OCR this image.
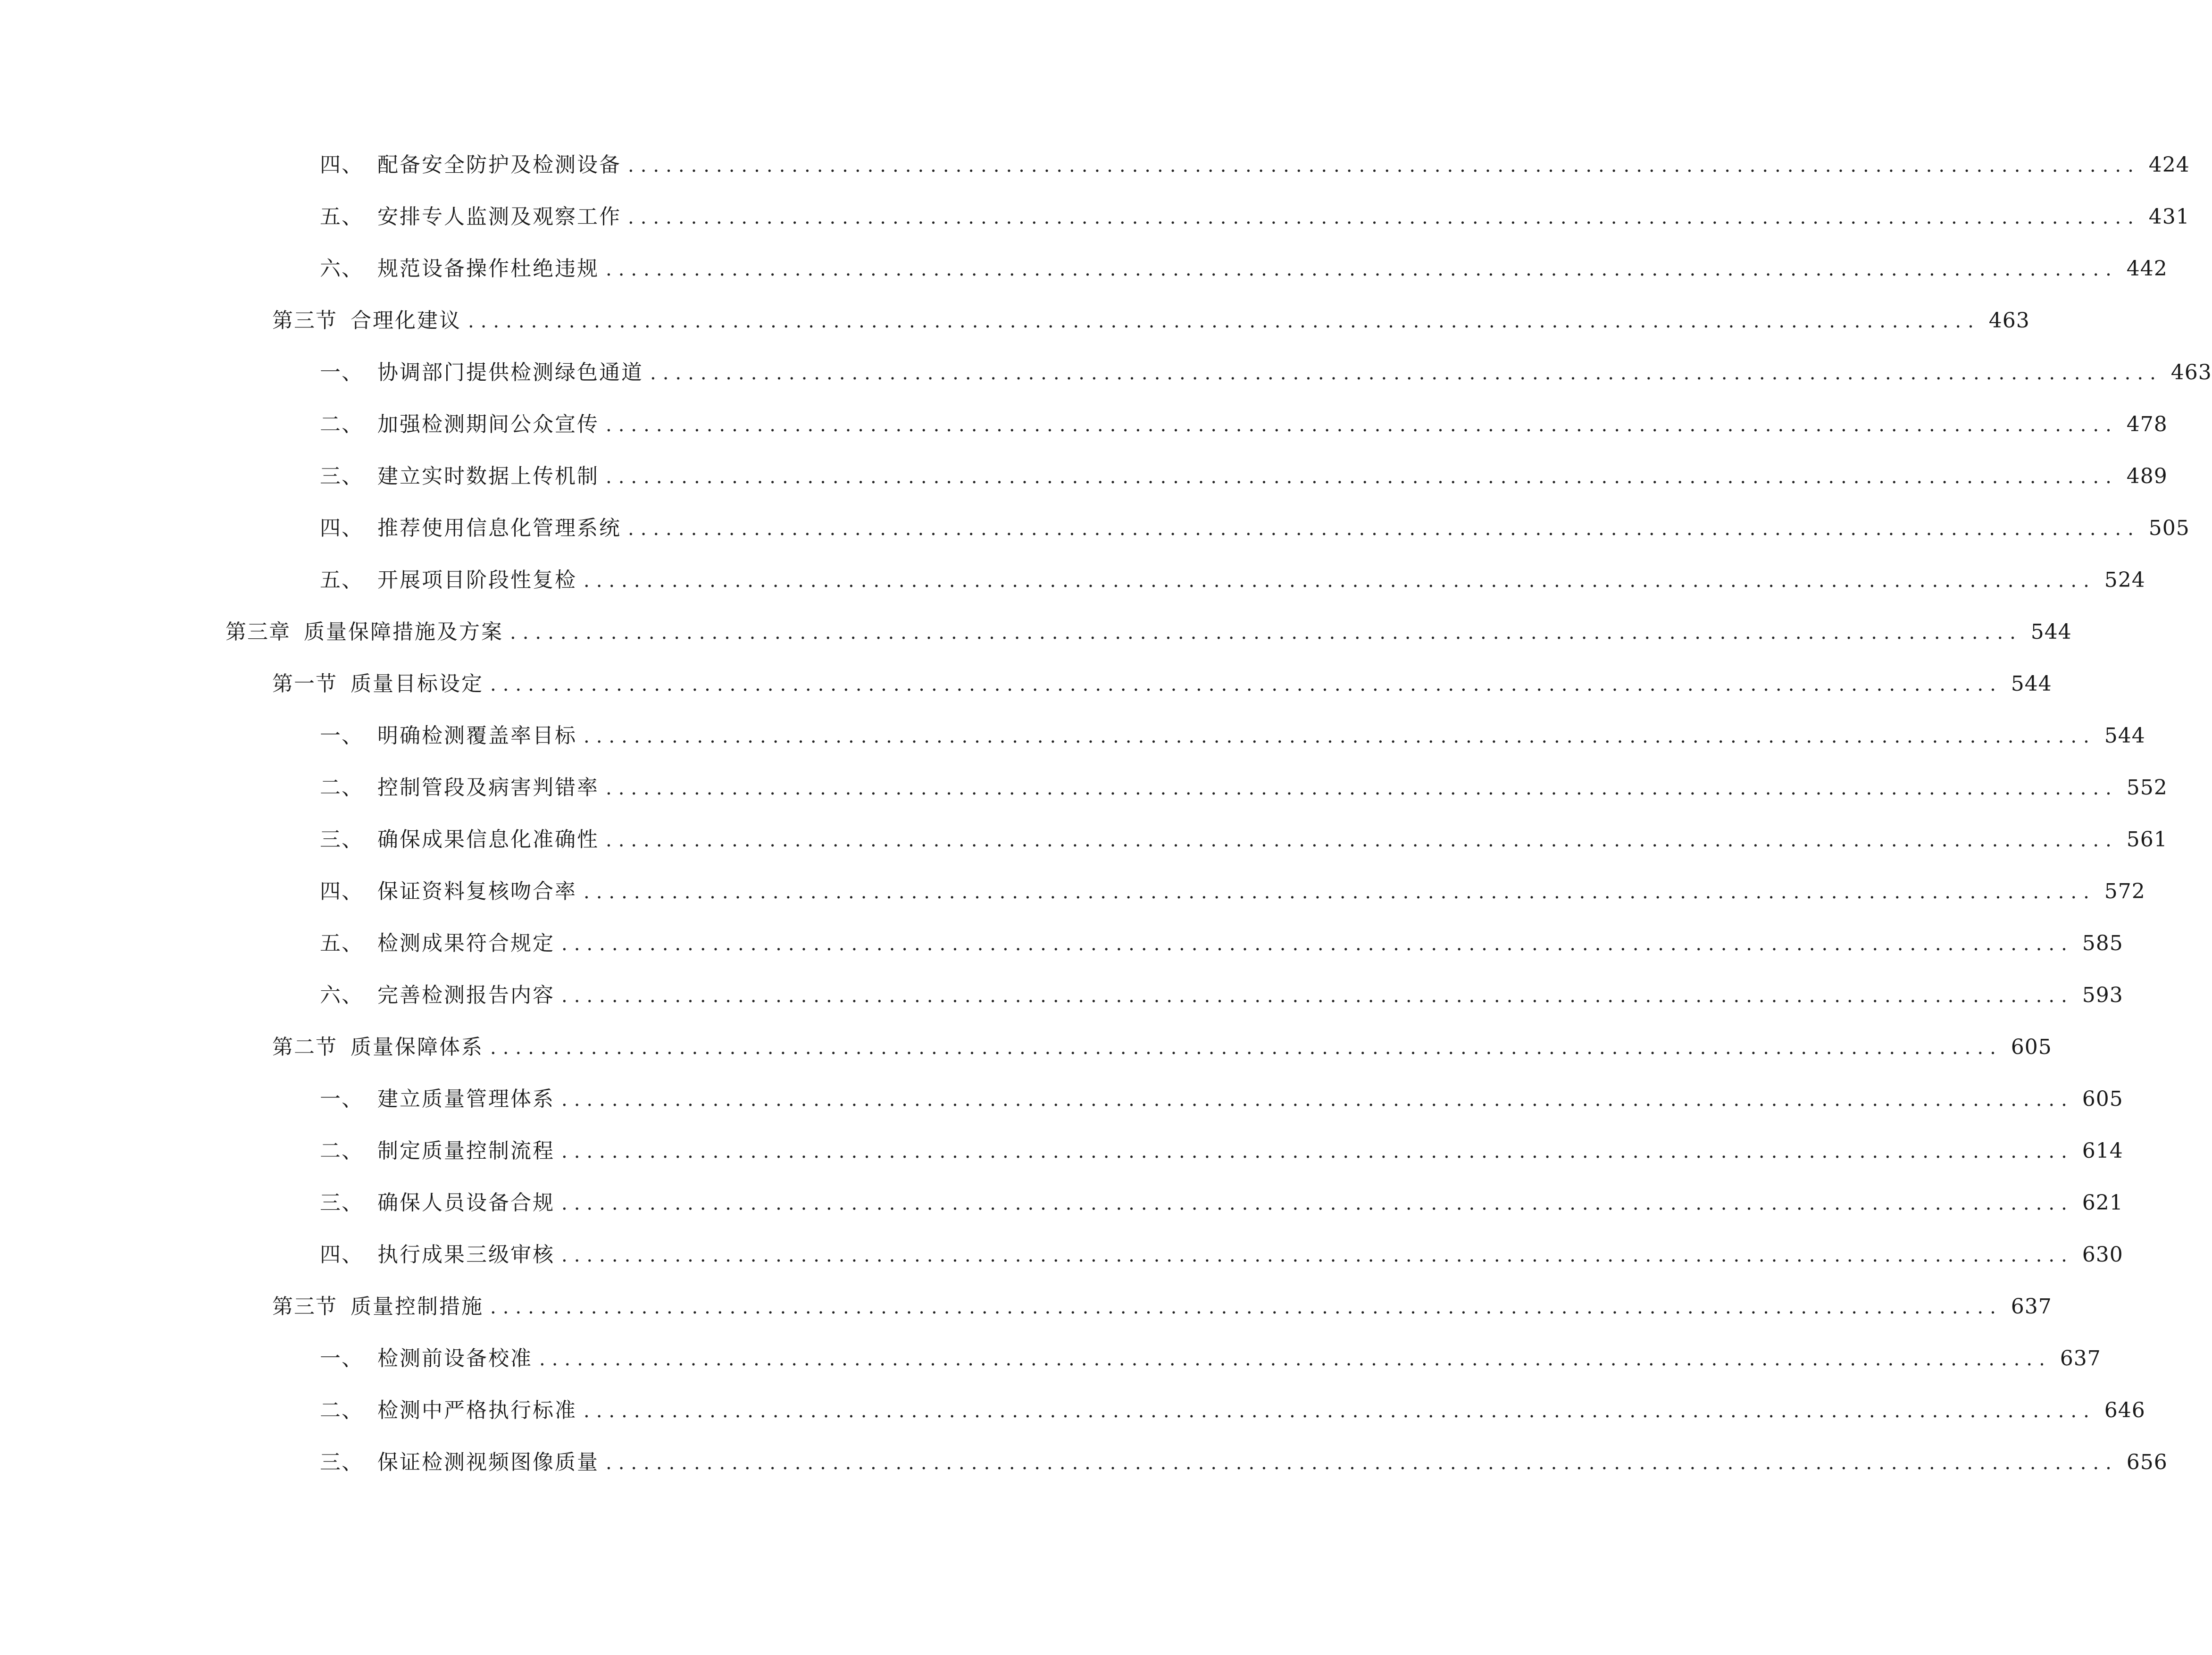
四、 配备安全防护及检测设备 ........................................................................................................................ 424
五、 安排专人监测及观察工作 ........................................................................................................................ 431
六、 规范设备操作杜绝违规 ........................................................................................................................ 442
第三节 合理化建议 ........................................................................................................................ 463
一、 协调部门提供检测绿色通道 ........................................................................................................................ 463
二、 加强检测期间公众宣传 ........................................................................................................................ 478
三、 建立实时数据上传机制 ........................................................................................................................ 489
四、 推荐使用信息化管理系统 ........................................................................................................................ 505
五、 开展项目阶段性复检 ........................................................................................................................ 524
第三章 质量保障措施及方案 ........................................................................................................................ 544
第一节 质量目标设定 ........................................................................................................................ 544
一、 明确检测覆盖率目标 ........................................................................................................................ 544
二、 控制管段及病害判错率 ........................................................................................................................ 552
三、 确保成果信息化准确性 ........................................................................................................................ 561
四、 保证资料复核吻合率 ........................................................................................................................ 572
五、 检测成果符合规定 ........................................................................................................................ 585
六、 完善检测报告内容 ........................................................................................................................ 593
第二节 质量保障体系 ........................................................................................................................ 605
一、 建立质量管理体系 ........................................................................................................................ 605
二、 制定质量控制流程 ........................................................................................................................ 614
三、 确保人员设备合规 ........................................................................................................................ 621
四、 执行成果三级审核 ........................................................................................................................ 630
第三节 质量控制措施 ........................................................................................................................ 637
一、 检测前设备校准 ........................................................................................................................ 637
二、 检测中严格执行标准 ........................................................................................................................ 646
三、 保证检测视频图像质量 ........................................................................................................................ 656
